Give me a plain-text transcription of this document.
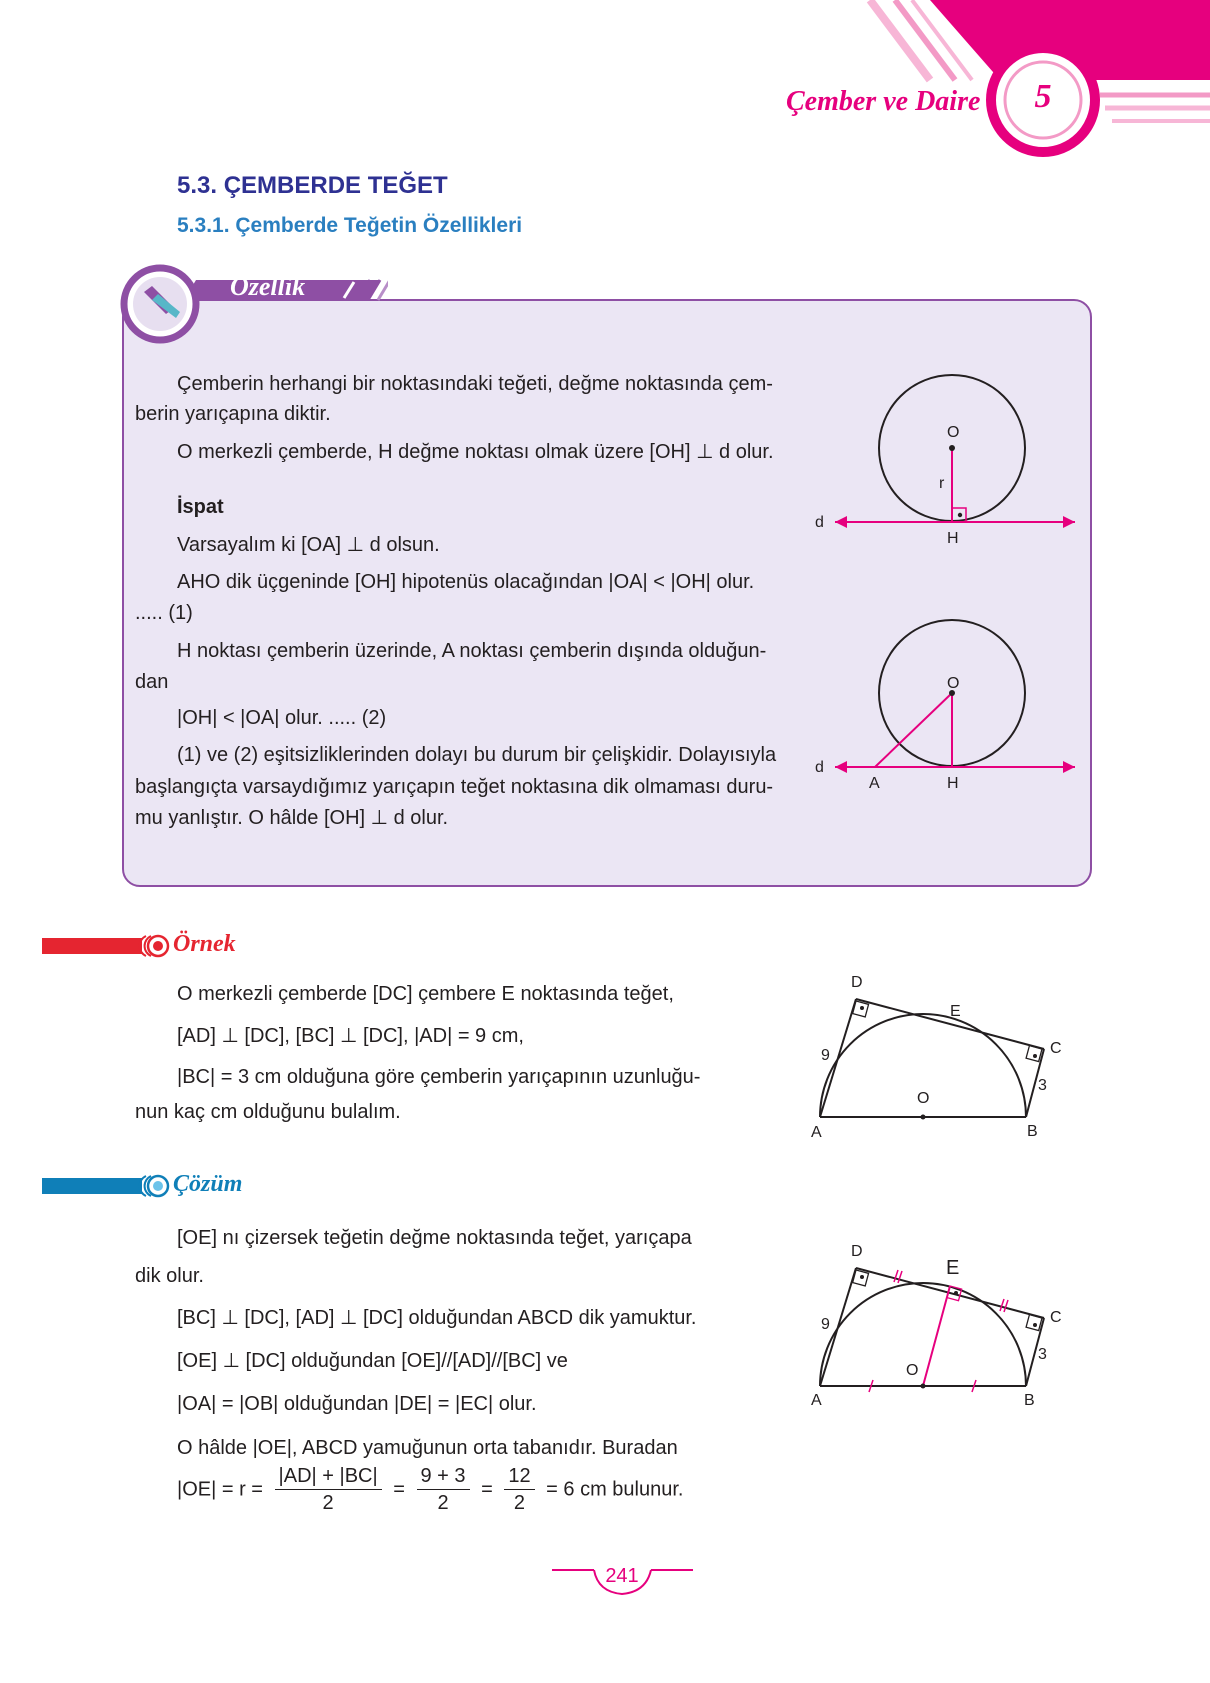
Çember ve Daire	5
5.3. ÇEMBERDE TEĞET
5.3.1. Çemberde Teğetin Özellikleri
Özellik
Çemberin herhangi bir noktasındaki teğeti, değme noktasında çem-
berin yarıçapına diktir.
O merkezli çemberde, H değme noktası olmak üzere [OH] ⊥ d olur.
İspat
Varsayalım ki [OA] ⊥ d olsun.
AHO dik üçgeninde [OH] hipotenüs olacağından |OA| < |OH| olur.
..... (1)
H noktası çemberin üzerinde, A noktası çemberin dışında olduğun-
dan
|OH| < |OA| olur. ..... (2)
(1) ve (2) eşitsizliklerinden dolayı bu durum bir çelişkidir. Dolayısıyla
başlangıçta varsaydığımız yarıçapın teğet noktasına dik olmaması duru-
mu yanlıştır. O hâlde [OH] ⊥ d olur.
O
r
d
H
O
d
A	H
Örnek
O merkezli çemberde [DC] çembere E noktasında teğet,
[AD] ⊥ [DC], [BC] ⊥ [DC], |AD| = 9 cm,
|BC| = 3 cm olduğuna göre çemberin yarıçapının uzunluğu-
nun kaç cm olduğunu bulalım.
D
E
C
9
3
O
A	B
Çözüm
[OE] nı çizersek teğetin değme noktasında teğet, yarıçapa
dik olur.
[BC] ⊥ [DC], [AD] ⊥ [DC] olduğundan ABCD dik yamuktur.
[OE] ⊥ [DC] olduğundan [OE]//[AD]//[BC] ve
|OA| = |OB| olduğundan |DE| = |EC| olur.
O hâlde |OE|, ABCD yamuğunun orta tabanıdır. Buradan
$|OE| = r = \frac{|AD| + |BC|}{2} = \frac{9 + 3}{2} = \frac{12}{2} = 6$ cm bulunur.
D
E
C
9
3
O
A	B
241
